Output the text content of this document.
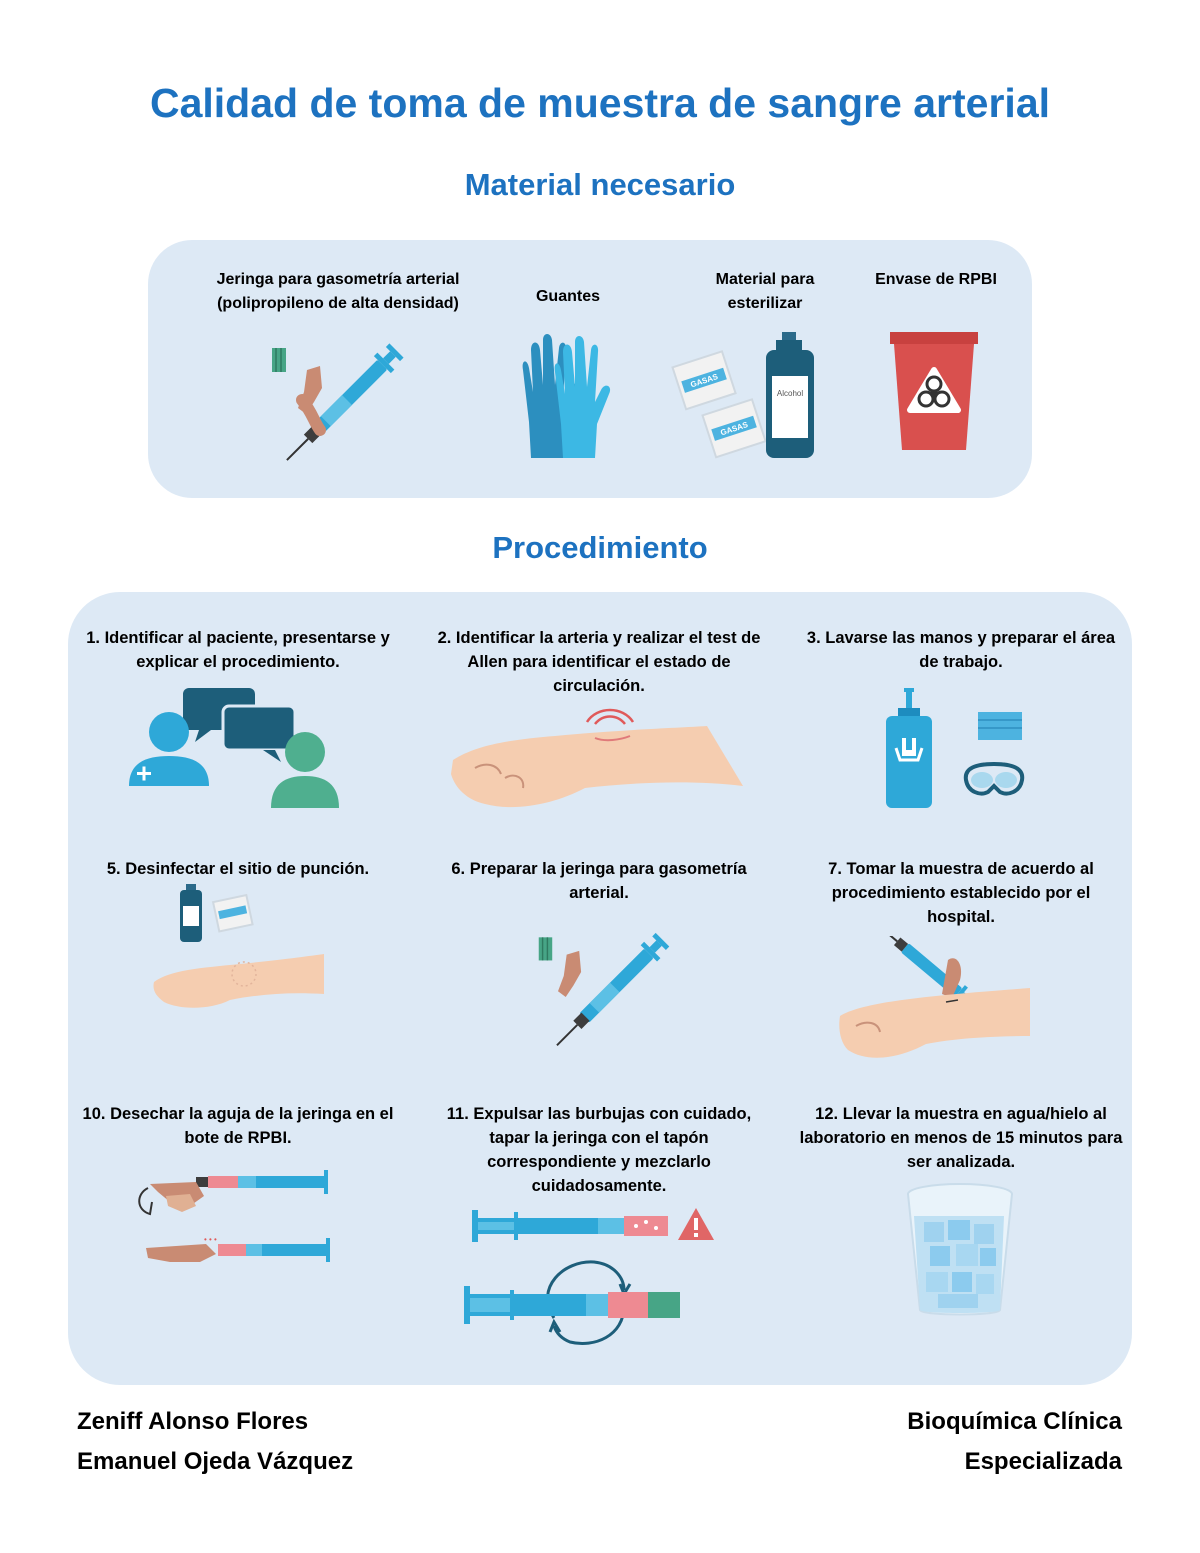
Calidad de toma de muestra de sangre arterial
Material necesario
Jeringa para gasometría arterial (polipropileno de alta densidad)	Guantes
Material para esterilizar
Envase de RPBI
GASAS
GASAS
Alcohol
Procedimiento
1. Identificar al paciente, presentarse y explicar el procedimiento.
2. Identificar la arteria y realizar el test de Allen para identificar el estado de circulación.
3. Lavarse las manos y preparar el área de trabajo.
5. Desinfectar el sitio de punción.	6. Preparar la jeringa para gasometría arterial.
7. Tomar la muestra de acuerdo al procedimiento establecido por el hospital.
10. Desechar la aguja de la jeringa en el bote de RPBI.
11. Expulsar las burbujas con cuidado, tapar la jeringa con el tapón correspondiente y mezclarlo cuidadosamente.
12. Llevar la muestra en agua/hielo al laboratorio en menos de 15 minutos para ser analizada.
• • •
Zeniff Alonso Flores
Emanuel Ojeda Vázquez
Bioquímica Clínica
Especializada
